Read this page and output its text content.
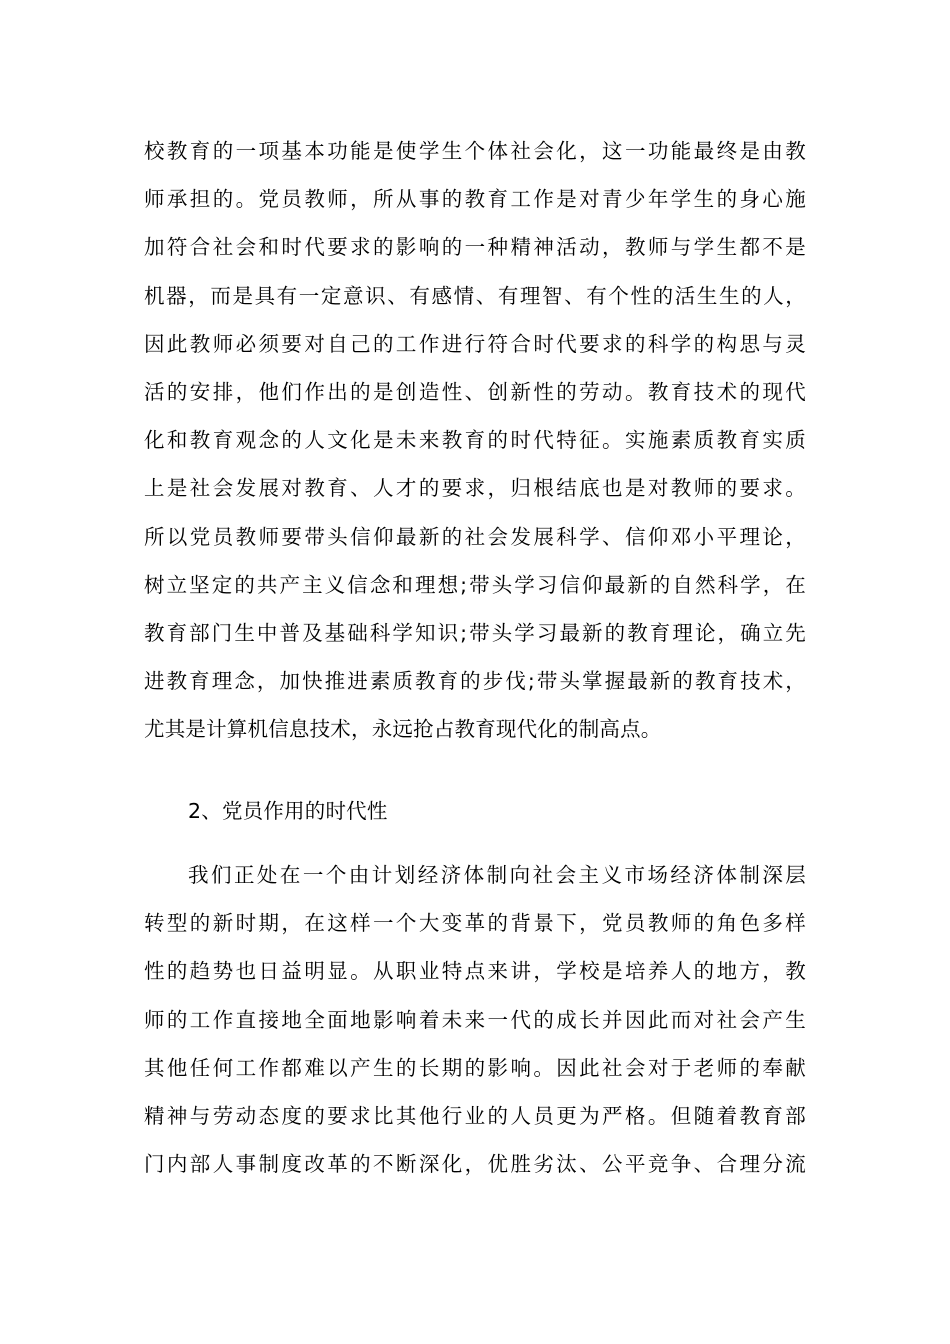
校教育的一项基本功能是使学生个体社会化，这一功能最终是由教
师承担的。党员教师，所从事的教育工作是对青少年学生的身心施
加符合社会和时代要求的影响的一种精神活动，教师与学生都不是
机器，而是具有一定意识、有感情、有理智、有个性的活生生的人，
因此教师必须要对自己的工作进行符合时代要求的科学的构思与灵
活的安排，他们作出的是创造性、创新性的劳动。教育技术的现代
化和教育观念的人文化是未来教育的时代特征。实施素质教育实质
上是社会发展对教育、人才的要求，归根结底也是对教师的要求。
所以党员教师要带头信仰最新的社会发展科学、信仰邓小平理论，
树立坚定的共产主义信念和理想;带头学习信仰最新的自然科学，在
教育部门生中普及基础科学知识;带头学习最新的教育理论，确立先
进教育理念，加快推进素质教育的步伐;带头掌握最新的教育技术，
尤其是计算机信息技术，永远抢占教育现代化的制高点。
2、党员作用的时代性
我们正处在一个由计划经济体制向社会主义市场经济体制深层
转型的新时期，在这样一个大变革的背景下，党员教师的角色多样
性的趋势也日益明显。从职业特点来讲，学校是培养人的地方，教
师的工作直接地全面地影响着未来一代的成长并因此而对社会产生
其他任何工作都难以产生的长期的影响。因此社会对于老师的奉献
精神与劳动态度的要求比其他行业的人员更为严格。但随着教育部
门内部人事制度改革的不断深化，优胜劣汰、公平竞争、合理分流
